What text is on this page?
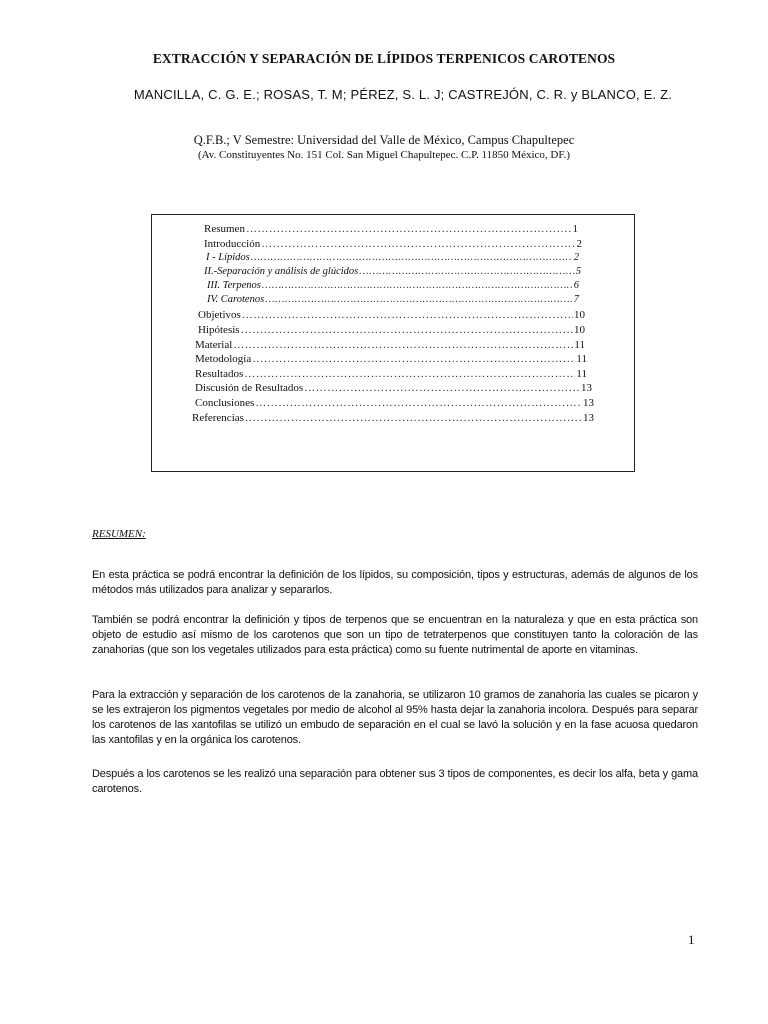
EXTRACCIÓN Y SEPARACIÓN DE LÍPIDOS TERPENICOS CAROTENOS
MANCILLA, C. G. E.; ROSAS, T. M; PÉREZ, S. L. J; CASTREJÓN, C. R. y BLANCO, E. Z.
Q.F.B.; V Semestre: Universidad del Valle de México, Campus Chapultepec
(Av. Constituyentes No. 151 Col. San Miguel Chapultepec. C.P. 11850 México, DF.)
Resumen …………………………………………………………………………………………………………………………………………………………………	1
Introducción …………………………………………………………………………………………………………………………………………………………………	2
I - Lípidos …………………………………………………………………………………………………………………………………………………………………	2
II.-Separación y análisis de glúcidos …………………………………………………………………………………………………………………………………………………………………	5
III. Terpenos …………………………………………………………………………………………………………………………………………………………………	6
IV. Carotenos …………………………………………………………………………………………………………………………………………………………………	7
Objetivos …………………………………………………………………………………………………………………………………………………………………	10
Hipótesis …………………………………………………………………………………………………………………………………………………………………	10
Material …………………………………………………………………………………………………………………………………………………………………	11
Metodología …………………………………………………………………………………………………………………………………………………………………	11
Resultados …………………………………………………………………………………………………………………………………………………………………	11
Discusión de Resultados …………………………………………………………………………………………………………………………………………………………………	13
Conclusiones …………………………………………………………………………………………………………………………………………………………………	13
Referencias …………………………………………………………………………………………………………………………………………………………………	13
RESUMEN:

En esta práctica se podrá encontrar la definición de los lípidos, su composición, tipos y estructuras, además de algunos de los métodos más utilizados para analizar y separarlos.

También se podrá encontrar la definición y tipos de terpenos que se encuentran en la naturaleza y que en esta práctica son objeto de estudio así mismo de los carotenos que son un tipo de tetraterpenos que constituyen tanto la coloración de las zanahorias (que son los vegetales utilizados para esta práctica) como su fuente nutrimental de aporte en vitaminas.

Para la extracción y separación de los carotenos de la zanahoria, se utilizaron 10 gramos de zanahoria las cuales se picaron y se les extrajeron los pigmentos vegetales por medio de alcohol al 95% hasta dejar la zanahoria incolora. Después para separar los carotenos de las xantofilas se utilizó un embudo de separación en el cual se lavó la solución y en la fase acuosa quedaron las xantofilas y en la orgánica los carotenos.

Después a los carotenos se les realizó una separación para obtener sus 3 tipos de componentes, es decir los alfa, beta y gama carotenos.

1
